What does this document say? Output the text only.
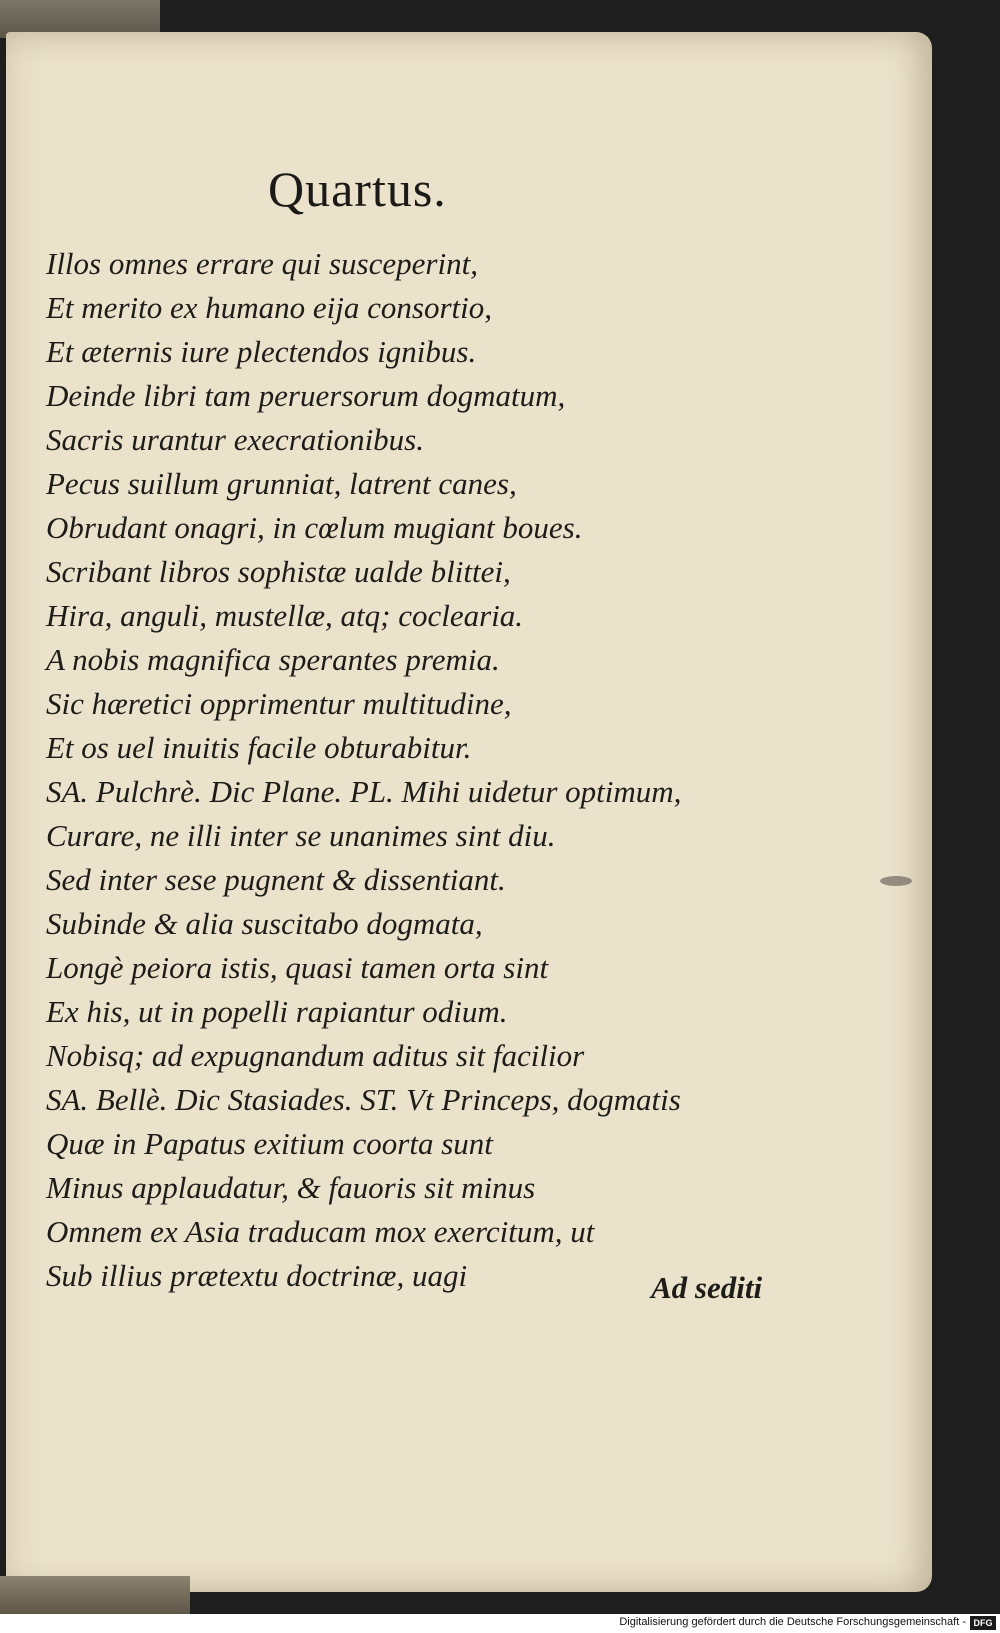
Quartus.
Illos omnes errare qui susceperint,
Et merito ex humano eija consortio,
Et æternis iure plectendos ignibus.
Deinde libri tam peruersorum dogmatum,
Sacris urantur execrationibus.
Pecus suillum grunniat, latrent canes,
Obrudant onagri, in cœlum mugiant boues.
Scribant libros sophistæ ualde blittei,
Hira, anguli, mustellæ, atq; coclearia.
A nobis magnifica sperantes premia.
Sic hæretici opprimentur multitudine,
Et os uel inuitis facile obturabitur.
SA. Pulchrè. Dic Plane. PL. Mihi uidetur optimum,
Curare, ne illi inter se unanimes sint diu.
Sed inter sese pugnent & dissentiant.
Subinde & alia suscitabo dogmata,
Longè peiora istis, quasi tamen orta sint
Ex his, ut in popelli rapiantur odium.
Nobisq; ad expugnandum aditus sit facilior
SA. Bellè. Dic Stasiades. ST. Vt Princeps, dogmatis
Quæ in Papatus exitium coorta sunt
Minus applaudatur, & fauoris sit minus
Omnem ex Asia traducam mox exercitum, ut
Sub illius prætextu doctrinæ, uagi	Ad sediti
Digitalisierung gefördert durch die Deutsche Forschungsgemeinschaft - DFG
